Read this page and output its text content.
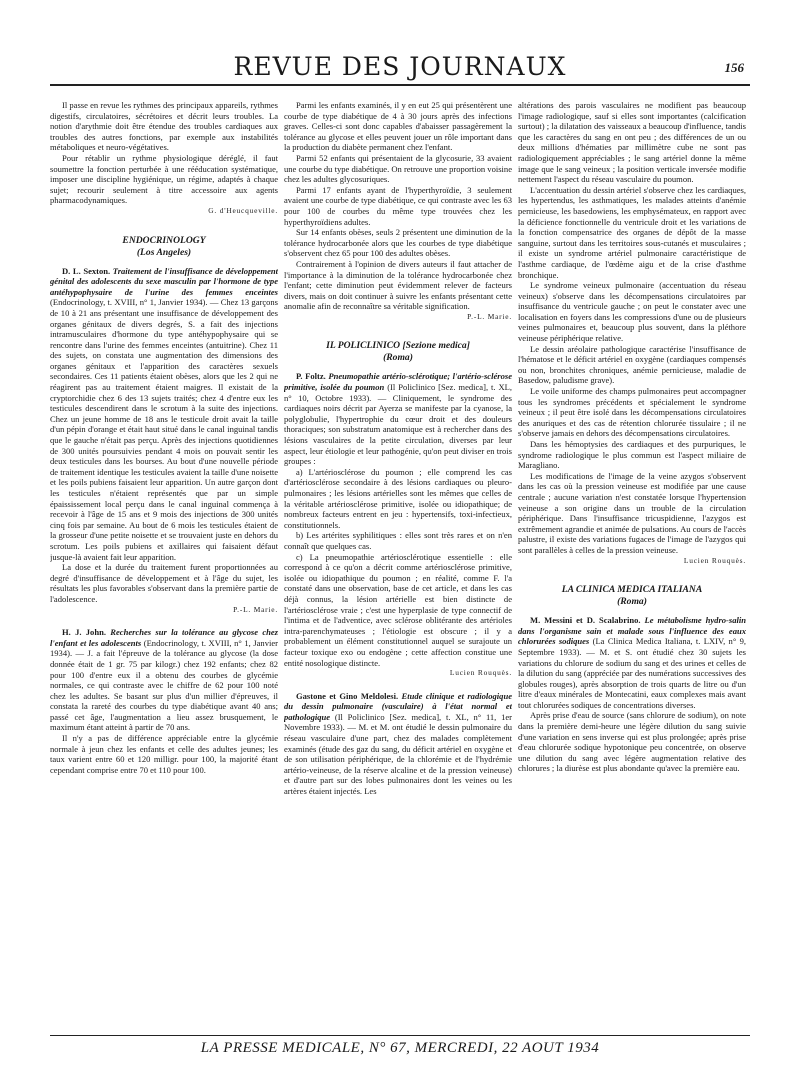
REVUE DES JOURNAUX	156

Il passe en revue les rythmes des principaux appareils, rythmes digestifs, circulatoires, sécrétoires et décrit leurs troubles. La notion d'arythmie doit être étendue des troubles cardiaques aux troubles des autres fonctions, par exemple aux instabilités métaboliques et neuro-végétatives.

Pour rétablir un rythme physiologique déréglé, il faut soumettre la fonction perturbée à une rééducation systématique, imposer une discipline hygiénique, un régime, adaptés à chaque sujet; recourir seulement à titre accessoire aux agents pharmacodynamiques.

G. d'Heucqueville.

ENDOCRINOLOGY
(Los Angeles)

D. L. Sexton. Traitement de l'insuffisance de développement génital des adolescents du sexe masculin par l'hormone de type antéhypophysaire de l'urine des femmes enceintes (Endocrinology, t. XVIII, n° 1, Janvier 1934). — Chez 13 garçons de 10 à 21 ans présentant une insuffisance de développement des organes génitaux de divers degrés, S. a fait des injections intramusculaires d'hormone du type antéhypophysaire qui se rencontre dans l'urine des femmes enceintes (antuitrine). Chez 11 des sujets, on constata une augmentation des dimensions des organes génitaux et l'apparition des caractères sexuels secondaires. Ces 11 patients étaient obèses, alors que les 2 qui ne réagirent pas au traitement étaient maigres. Il existait de la cryptorchidie chez 6 des 13 sujets traités; chez 4 d'entre eux les testicules descendirent dans le scrotum à la suite des injections. Chez un jeune homme de 18 ans le testicule droit avait la taille d'un pépin d'orange et était haut situé dans le canal inguinal tandis que le gauche n'était pas perçu. Après des injections quotidiennes de 300 unités poursuivies pendant 4 mois on pouvait sentir les deux testicules dans les bourses. Au bout d'une nouvelle période de traitement identique les testicules avaient la taille d'une noisette et les poils pubiens faisaient leur apparition. Un autre garçon dont les testicules n'étaient représentés que par un simple épaississement local perçu dans le canal inguinal commença à recevoir à l'âge de 15 ans et 9 mois des injections de 300 unités cinq fois par semaine. Au bout de 6 mois les testicules étaient de la grosseur d'une petite noisette et se trouvaient juste en dehors du scrotum. Les poils pubiens et axillaires qui faisaient défaut jusque-là avaient fait leur apparition.

La dose et la durée du traitement furent proportionnées au degré d'insuffisance de développement et à l'âge du sujet, les résultats les plus favorables s'observant dans la première partie de l'adolescence.

P.-L. Marie.

H. J. John. Recherches sur la tolérance au glycose chez l'enfant et les adolescents (Endocrinology, t. XVIII, n° 1, Janvier 1934). — J. a fait l'épreuve de la tolérance au glycose (la dose donnée était de 1 gr. 75 par kilogr.) chez 192 enfants; chez 82 pour 100 d'entre eux il a obtenu des courbes de glycémie normales, ce qui contraste avec le chiffre de 62 pour 100 noté chez les adultes. Se basant sur plus d'un millier d'épreuves, il constata la rareté des courbes du type diabétique avant 40 ans; passé cet âge, l'augmentation a lieu assez brusquement, le maximum étant atteint à partir de 70 ans.

Il n'y a pas de différence appréciable entre la glycémie normale à jeun chez les enfants et celle des adultes jeunes; les taux varient entre 60 et 120 milligr. pour 100, la majorité étant cependant comprise entre 70 et 110 pour 100.

Parmi les enfants examinés, il y en eut 25 qui présentèrent une courbe de type diabétique de 4 à 30 jours après des infections graves. Celles-ci sont donc capables d'abaisser passagèrement la tolérance au glycose et elles peuvent jouer un rôle important dans la production du diabète permanent chez l'enfant.

Parmi 52 enfants qui présentaient de la glycosurie, 33 avaient une courbe du type diabétique. On retrouve une proportion voisine chez les adultes glycosuriques.

Parmi 17 enfants ayant de l'hyperthyroïdie, 3 seulement avaient une courbe de type diabétique, ce qui contraste avec les 63 pour 100 de courbes du même type trouvées chez les hyperthyroïdiens adultes.

Sur 14 enfants obèses, seuls 2 présentent une diminution de la tolérance hydrocarbonée alors que les courbes de type diabétique s'observent chez 65 pour 100 des adultes obèses.

Contrairement à l'opinion de divers auteurs il faut attacher de l'importance à la diminution de la tolérance hydrocarbonée chez l'enfant; cette diminution peut évidemment relever de facteurs divers, mais on doit continuer à suivre les enfants présentant cette anomalie afin de reconnaître sa véritable signification.

P.-L. Marie.

IL POLICLINICO [Sezione medica]
(Roma)

P. Foltz. Pneumopathie artério-sclérotique; l'artério-sclérose primitive, isolée du poumon (Il Policlinico [Sez. medica], t. XL, n° 10, Octobre 1933). — Cliniquement, le syndrome des cardiaques noirs décrit par Ayerza se manifeste par la cyanose, la polyglobulie, l'hypertrophie du cœur droit et des douleurs thoraciques; son substratum anatomique est à rechercher dans des lésions vasculaires de la petite circulation, diverses par leur aspect, leur étiologie et leur pathogénie, qu'on peut diviser en trois groupes :

a) L'artériosclérose du poumon ; elle comprend les cas d'artériosclérose secondaire à des lésions cardiaques ou pleuro-pulmonaires ; les lésions artérielles sont les mêmes que celles de la véritable artériosclérose primitive, isolée ou idiopathique; de nombreux facteurs entrent en jeu : hypertensifs, toxi-infectieux, constitutionnels.

b) Les artérites syphilitiques : elles sont très rares et on n'en connaît que quelques cas.

c) La pneumopathie artériosclérotique essentielle : elle correspond à ce qu'on a décrit comme artériosclérose primitive, isolée ou idiopathique du poumon ; en réalité, comme F. l'a constaté dans une observation, base de cet article, et dans les cas déjà connus, la lésion artérielle est bien distincte de l'artériosclérose vraie ; c'est une hyperplasie de type connectif de l'intima et de l'adventice, avec sclérose oblitérante des artérioles intra-parenchymateuses ; l'étiologie est obscure ; il y a probablement un élément constitutionnel auquel se surajoute un facteur toxique exo ou endogène ; cette affection constitue une entité nosologique distincte.

Lucien Rouquès.

Gastone et Gino Meldolesi. Etude clinique et radiologique du dessin pulmonaire (vasculaire) à l'état normal et pathologique (Il Policlinico [Sez. medica], t. XL, n° 11, 1er Novembre 1933). — M. et M. ont étudié le dessin pulmonaire du réseau vasculaire d'une part, chez des malades complètement examinés (étude des gaz du sang, du déficit artériel en oxygène et de son utilisation périphérique, de la chlorémie et de l'hydrémie artério-veineuse, de la réserve alcaline et de la pression veineuse) et d'autre part sur des lobes pulmonaires dont les veines ou les artères étaient injectés. Les

altérations des parois vasculaires ne modifient pas beaucoup l'image radiologique, sauf si elles sont importantes (calcification surtout) ; la dilatation des vaisseaux a beaucoup d'influence, tandis que les caractères du sang en ont peu ; des différences de un ou deux millions d'hématies par millimètre cube ne sont pas radiologiquement appréciables ; le sang artériel donne la même image que le sang veineux ; la position verticale inversée modifie nettement l'aspect du réseau vasculaire du poumon.

L'accentuation du dessin artériel s'observe chez les cardiaques, les hypertendus, les asthmatiques, les malades atteints d'anémie pernicieuse, les basedowiens, les emphysémateux, en rapport avec la déficience fonctionnelle du ventricule droit et les variations de la fonction compensatrice des organes de dépôt de la masse sanguine, surtout dans les territoires sous-cutanés et musculaires ; il existe un syndrome artériel pulmonaire caractéristique de l'asthme cardiaque, de l'œdème aigu et de la crise d'asthme bronchique.

Le syndrome veineux pulmonaire (accentuation du réseau veineux) s'observe dans les décompensations circulatoires par insuffisance du ventricule gauche ; on peut le constater avec une localisation en foyers dans les compressions d'une ou de plusieurs veines pulmonaires et, beaucoup plus souvent, dans la pléthore veineuse périphérique relative.

Le dessin aréolaire pathologique caractérise l'insuffisance de l'hématose et le déficit artériel en oxygène (cardiaques compensés ou non, bronchites chroniques, anémie pernicieuse, maladie de Basedow, paludisme grave).

Le voile uniforme des champs pulmonaires peut accompagner tous les syndromes précédents et spécialement le syndrome veineux ; il peut être isolé dans les décompensations circulatoires des anuriques et des cas de rétention chlorurée tissulaire ; il ne s'observe jamais en dehors des décompensations circulatoires.

Dans les hémoptysies des cardiaques et des purpuriques, le syndrome radiologique le plus commun est l'aspect miliaire de Maragliano.

Les modifications de l'image de la veine azygos s'observent dans les cas où la pression veineuse est modifiée par une cause centrale ; aucune variation n'est constatée lorsque l'hypertension veineuse a son origine dans un trouble de la circulation périphérique. Dans l'insuffisance tricuspidienne, l'azygos est extrêmement agrandie et animée de pulsations. Au cours de l'accès palustre, il existe des variations fugaces de l'image de l'azygos qui sont parallèles à celles de la pression veineuse.

Lucien Rouquès.

LA CLINICA MEDICA ITALIANA
(Roma)

M. Messini et D. Scalabrino. Le métabolisme hydro-salin dans l'organisme sain et malade sous l'influence des eaux chlorurées sodiques (La Clinica Medica Italiana, t. LXIV, n° 9, Septembre 1933). — M. et S. ont étudié chez 30 sujets les variations du chlorure de sodium du sang et des urines et celles de la dilution du sang (appréciée par des numérations successives des globules rouges), après absorption de trois quarts de litre ou d'un litre d'eaux minérales de Montecatini, eaux complexes mais avant tout chlorurées sodiques de concentrations diverses.

Après prise d'eau de source (sans chlorure de sodium), on note dans la première demi-heure une légère dilution du sang suivie d'une variation en sens inverse qui est plus prolongée; après prise d'eau chlorurée sodique hypotonique peu concentrée, on observe une dilution du sang avec légère augmentation relative des chlorures ; la diurèse est plus abondante qu'avec la première eau.

LA PRESSE MEDICALE, N° 67, MERCREDI, 22 AOUT 1934
